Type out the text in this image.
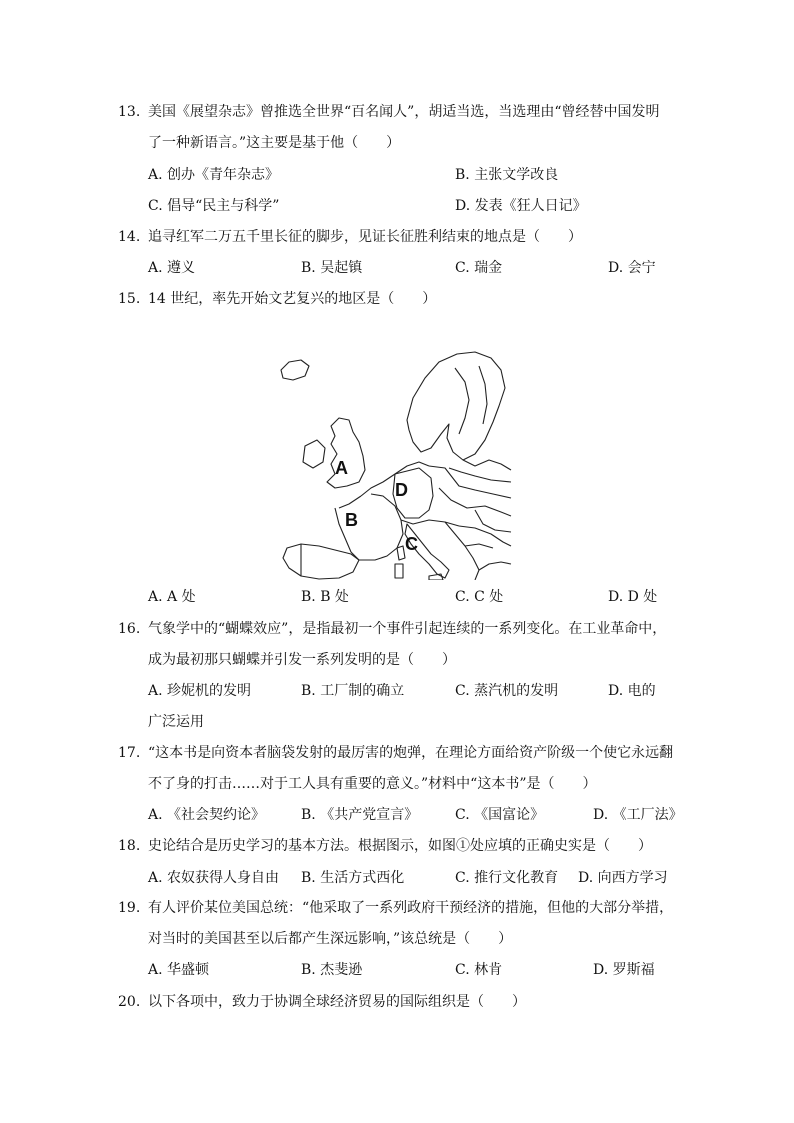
13. 美国《展望杂志》曾推选全世界“百名闻人”，胡适当选，当选理由“曾经替中国发明
了一种新语言。”这主要是基于他（　　）
A. 创办《青年杂志》	B. 主张文学改良
C. 倡导“民主与科学”	D. 发表《狂人日记》
14. 追寻红军二万五千里长征的脚步，见证长征胜利结束的地点是（　　）
A. 遵义	B. 吴起镇	C. 瑞金	D. 会宁
15. 14 世纪，率先开始文艺复兴的地区是（　　）
A
B
C
D
A. A 处	B. B 处	C. C 处	D. D 处
16. 气象学中的“蝴蝶效应”，是指最初一个事件引起连续的一系列变化。在工业革命中，
成为最初那只蝴蝶并引发一系列发明的是（　　）
A. 珍妮机的发明	B. 工厂制的确立	C. 蒸汽机的发明	D. 电的
广泛运用
17. “这本书是向资本者脑袋发射的最厉害的炮弹，在理论方面给资产阶级一个使它永远翻
不了身的打击……对于工人具有重要的意义。”材料中“这本书”是（　　）
A. 《社会契约论》	B. 《共产党宣言》	C. 《国富论》	D. 《工厂法》
18. 史论结合是历史学习的基本方法。根据图示，如图①处应填的正确史实是（　　）
A. 农奴获得人身自由 B. 生活方式西化	C. 推行文化教育 D. 向西方学习
19. 有人评价某位美国总统：“他采取了一系列政府干预经济的措施，但他的大部分举措，
对当时的美国甚至以后都产生深远影响，”该总统是（　　）
A. 华盛顿	B. 杰斐逊	C. 林肯	D. 罗斯福
20. 以下各项中，致力于协调全球经济贸易的国际组织是（　　）
